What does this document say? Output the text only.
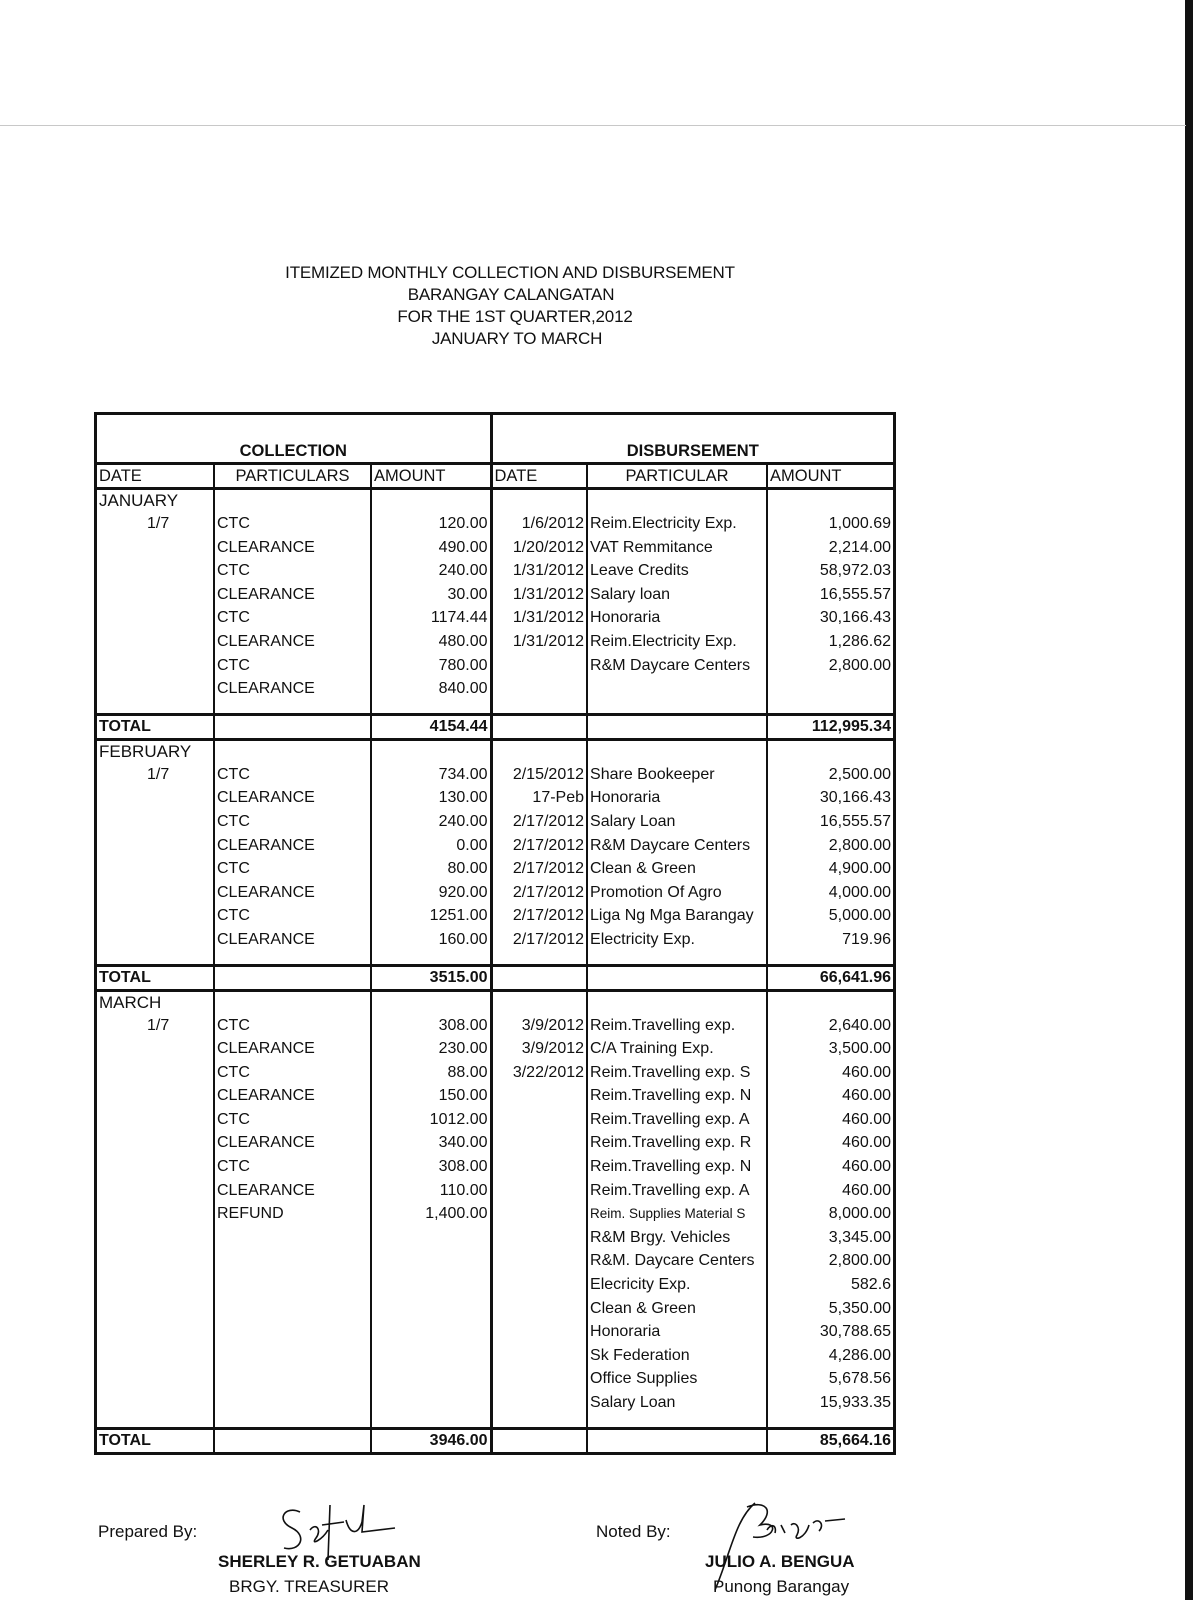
ITEMIZED MONTHLY COLLECTION AND DISBURSEMENT
BARANGAY CALANGATAN
FOR THE 1ST QUARTER,2012
JANUARY TO MARCH
COLLECTION			DISBURSEMENT		
DATE	PARTICULARS	AMOUNT	DATE	PARTICULAR	AMOUNT
JANUARY					
1/7	CTC	120.00	1/6/2012	Reim.Electricity Exp.	1,000.69
	CLEARANCE	490.00	1/20/2012	VAT Remmitance	2,214.00
	CTC	240.00	1/31/2012	Leave Credits	58,972.03
	CLEARANCE	30.00	1/31/2012	Salary loan	16,555.57
	CTC	1174.44	1/31/2012	Honoraria	30,166.43
	CLEARANCE	480.00	1/31/2012	Reim.Electricity Exp.	1,286.62
	CTC	780.00		R&M Daycare Centers	2,800.00
	CLEARANCE	840.00			

TOTAL		4154.44			112,995.34
FEBRUARY					
1/7	CTC	734.00	2/15/2012	Share Bookeeper	2,500.00
	CLEARANCE	130.00	17-Peb	Honoraria	30,166.43
	CTC	240.00	2/17/2012	Salary Loan	16,555.57
	CLEARANCE	0.00	2/17/2012	R&M Daycare Centers	2,800.00
	CTC	80.00	2/17/2012	Clean & Green	4,900.00
	CLEARANCE	920.00	2/17/2012	Promotion Of Agro	4,000.00
	CTC	1251.00	2/17/2012	Liga Ng Mga Barangay	5,000.00
	CLEARANCE	160.00	2/17/2012	Electricity Exp.	719.96

TOTAL		3515.00			66,641.96
MARCH					
1/7	CTC	308.00	3/9/2012	Reim.Travelling exp.	2,640.00
	CLEARANCE	230.00	3/9/2012	C/A Training Exp.	3,500.00
	CTC	88.00	3/22/2012	Reim.Travelling exp. S	460.00
	CLEARANCE	150.00		Reim.Travelling exp. N	460.00
	CTC	1012.00		Reim.Travelling exp. A	460.00
	CLEARANCE	340.00		Reim.Travelling exp. R	460.00
	CTC	308.00		Reim.Travelling exp. N	460.00
	CLEARANCE	110.00		Reim.Travelling exp. A	460.00
	REFUND	1,400.00		Reim. Supplies Material S	8,000.00
				R&M Brgy. Vehicles	3,345.00
				R&M. Daycare Centers	2,800.00
				Elecricity Exp.	582.6
				Clean & Green	5,350.00
				Honoraria	30,788.65
				Sk Federation	4,286.00
				Office Supplies	5,678.56
				Salary Loan	15,933.35

TOTAL		3946.00			85,664.16
Prepared By:
SHERLEY R. GETUABAN
BRGY. TREASURER
Noted By:
JULIO A. BENGUA
Punong Barangay
